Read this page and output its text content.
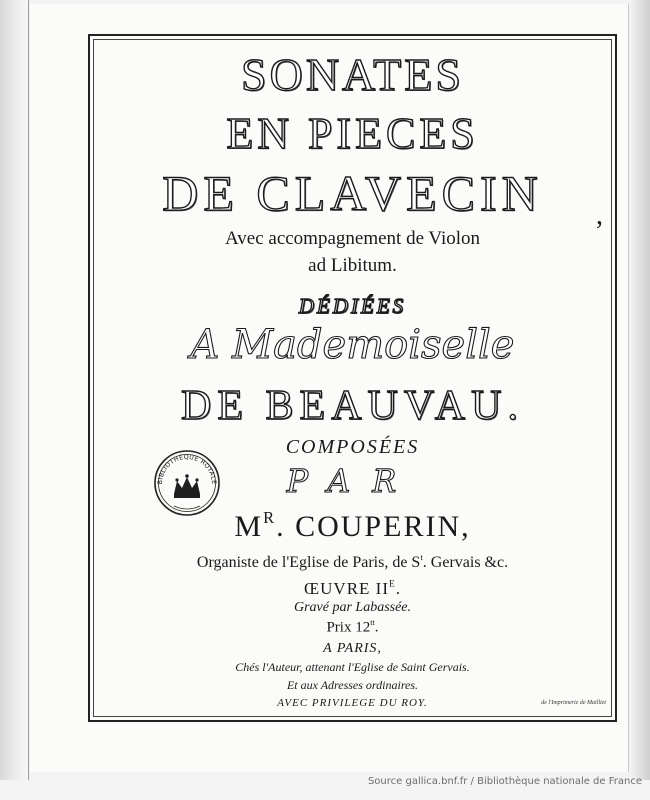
SONATES
EN PIECES
DE CLAVECIN	,
Avec accompagnement de Violon
ad Libitum.
DÉDIÉES
A Mademoiselle
DE BEAUVAU.
COMPOSÉES
PAR
$M^R$. COUPERIN,
Organiste de l'Eglise de Paris, de $S^t$. Gervais &c.
ŒUVRE $II^E$.
Gravé par Labassée.
Prix $12^{tt}$.
A PARIS,
Chés l'Auteur, attenant l'Eglise de Saint Gervais.
Et aux Adresses ordinaires.
AVEC PRIVILEGE DU ROY.	de l'Imprimerie de Mailliet
BIBLIOTHÈQUE ROYALE
Source gallica.bnf.fr / Bibliothèque nationale de France
